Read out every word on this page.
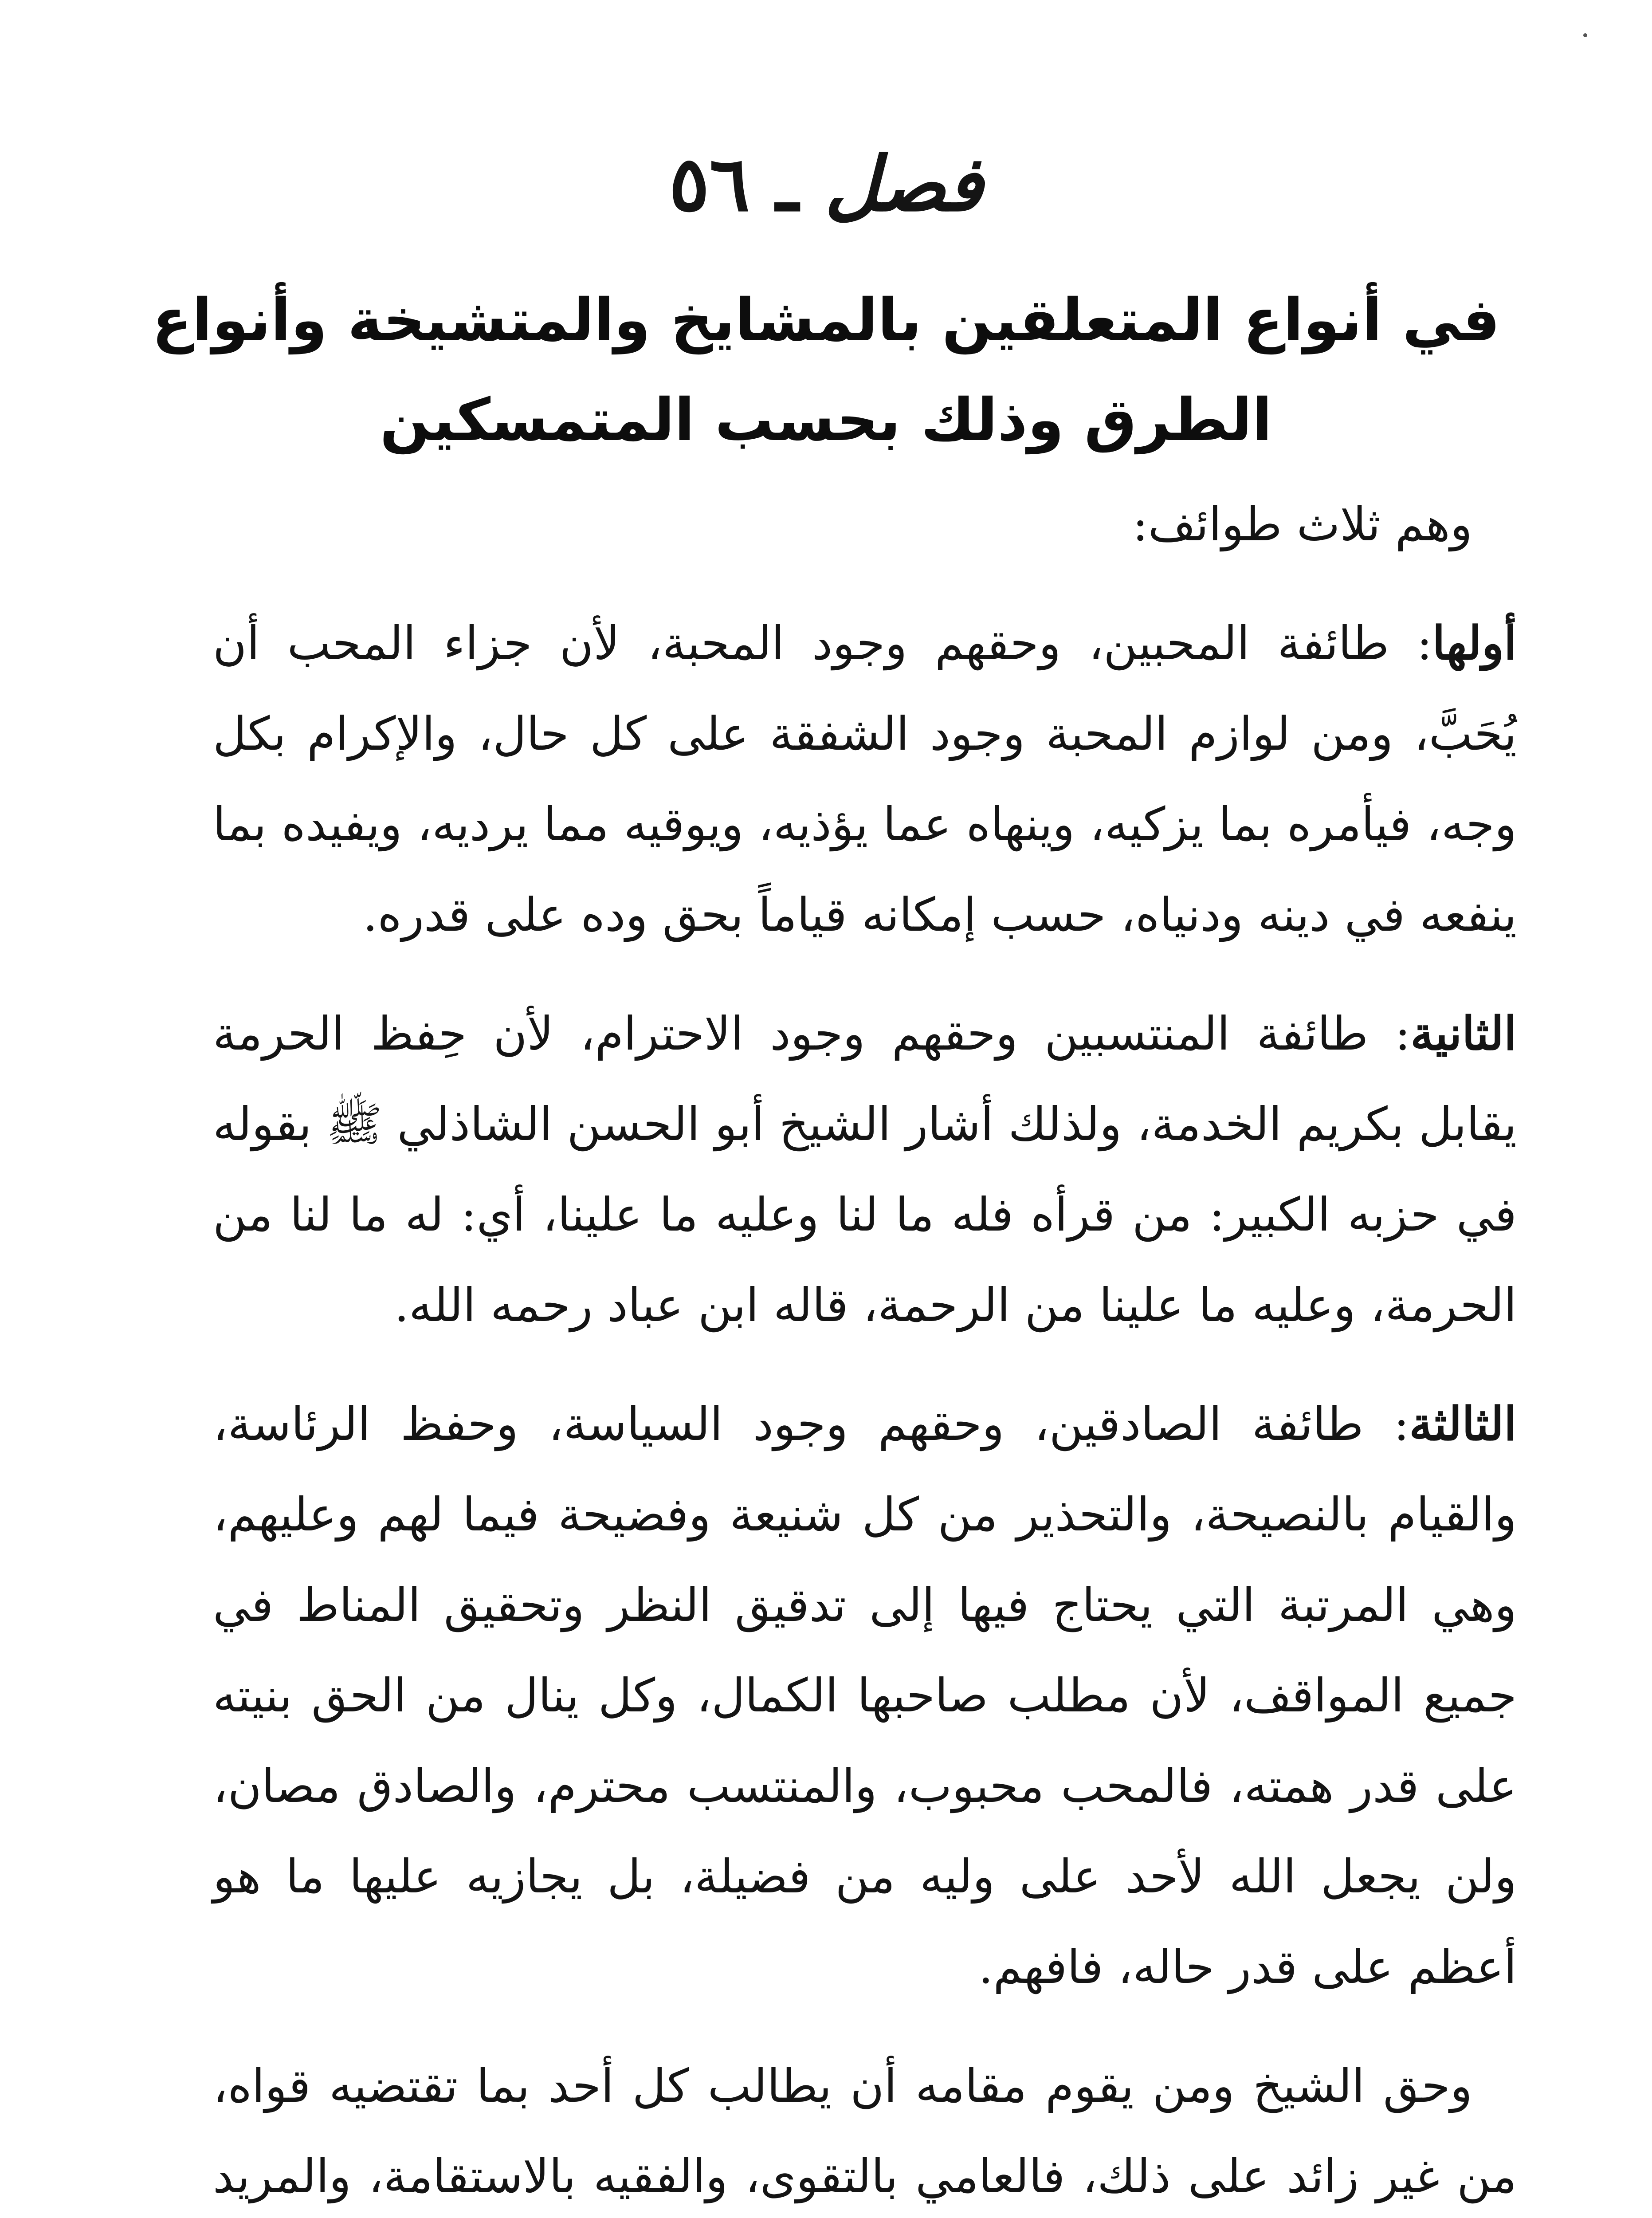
فصل ـ ٥٦
في أنواع المتعلقين بالمشايخ والمتشيخة وأنواع الطرق وذلك بحسب المتمسكين

وهم ثلاث طوائف:

أولها: طائفة المحبين، وحقهم وجود المحبة، لأن جزاء المحب أن يُحَبَّ، ومن لوازم المحبة وجود الشفقة على كل حال، والإكرام بكل وجه، فيأمره بما يزكيه، وينهاه عما يؤذيه، ويوقيه مما يرديه، ويفيده بما ينفعه في دينه ودنياه، حسب إمكانه قياماً بحق وده على قدره.

الثانية: طائفة المنتسبين وحقهم وجود الاحترام، لأن حِفظ الحرمة يقابل بكريم الخدمة، ولذلك أشار الشيخ أبو الحسن الشاذلي ﷺ بقوله في حزبه الكبير: من قرأه فله ما لنا وعليه ما علينا، أي: له ما لنا من الحرمة، وعليه ما علينا من الرحمة، قاله ابن عباد رحمه الله.

الثالثة: طائفة الصادقين، وحقهم وجود السياسة، وحفظ الرئاسة، والقيام بالنصيحة، والتحذير من كل شنيعة وفضيحة فيما لهم وعليهم، وهي المرتبة التي يحتاج فيها إلى تدقيق النظر وتحقيق المناط في جميع المواقف، لأن مطلب صاحبها الكمال، وكل ينال من الحق بنيته على قدر همته، فالمحب محبوب، والمنتسب محترم، والصادق مصان، ولن يجعل الله لأحد على وليه من فضيلة، بل يجازيه عليها ما هو أعظم على قدر حاله، فافهم.

وحق الشيخ ومن يقوم مقامه أن يطالب كل أحد بما تقتضيه قواه، من غير زائد على ذلك، فالعامي بالتقوى، والفقيه بالاستقامة، والمريد
